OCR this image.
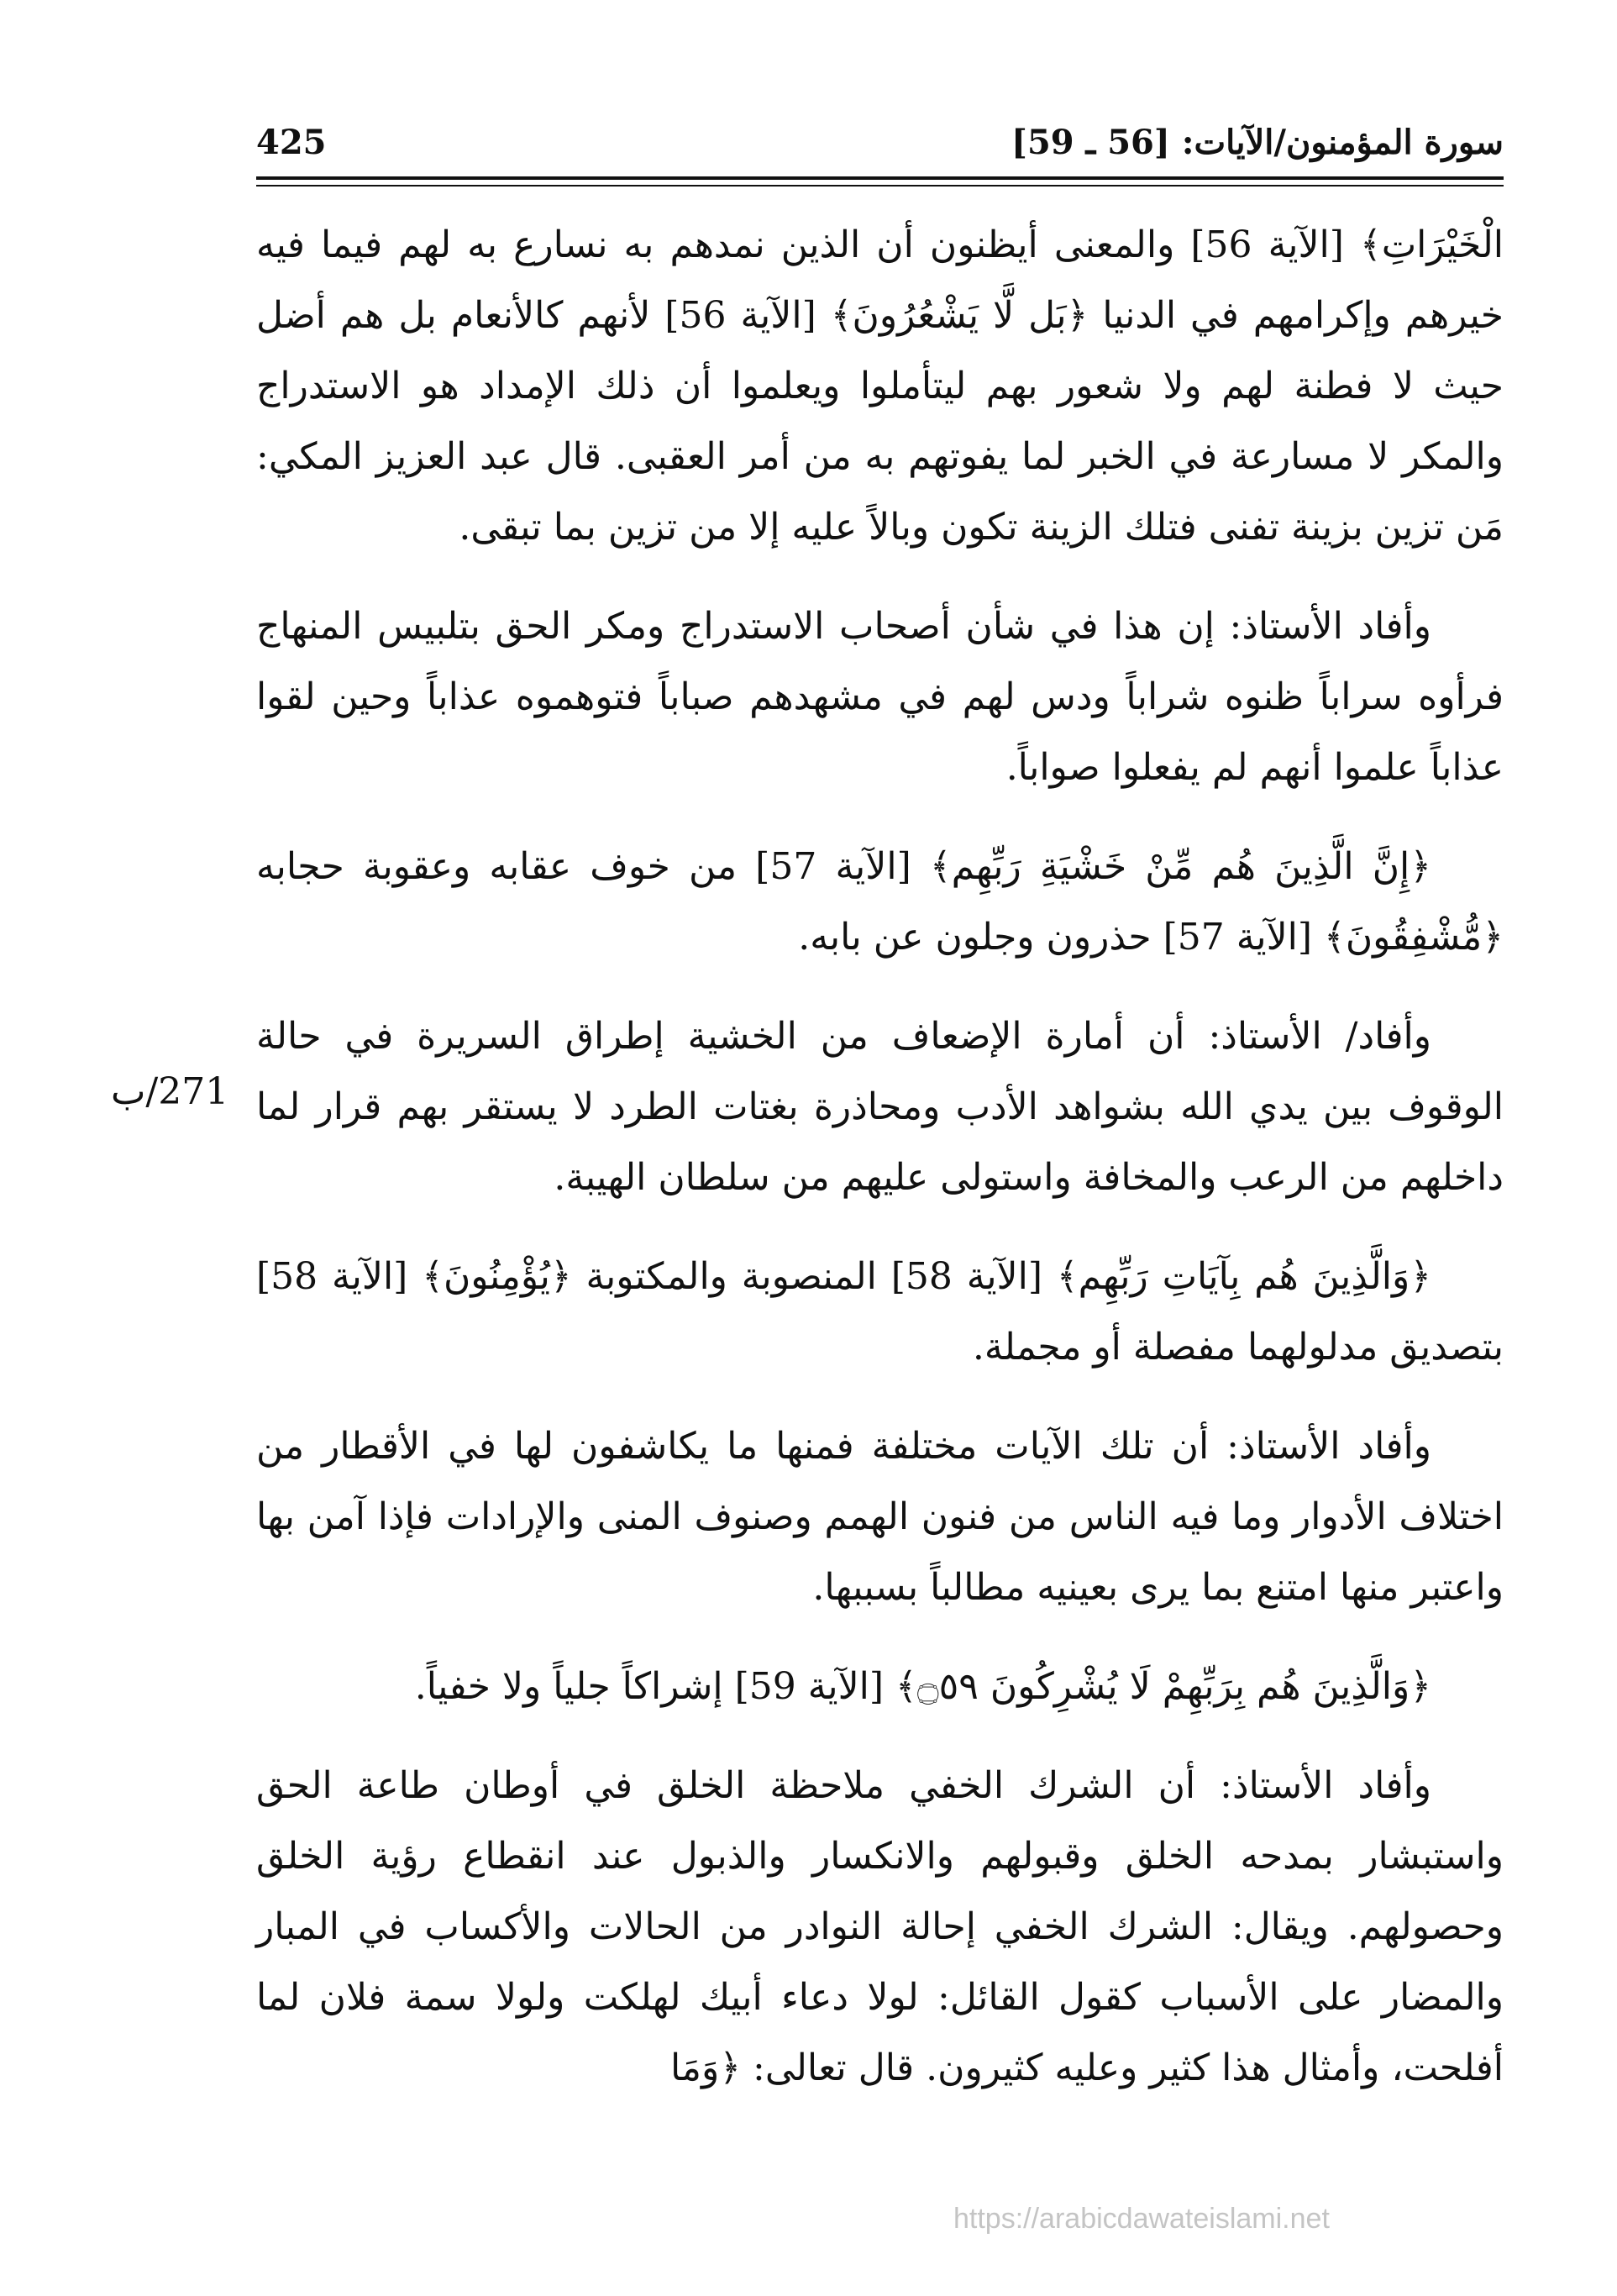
سورة المؤمنون/الآيات: [56 ـ 59]
425

الْخَيْرَاتِ﴾ [الآية 56] والمعنى أيظنون أن الذين نمدهم به نسارع به لهم فيما فيه خيرهم وإكرامهم في الدنيا ﴿بَل لَّا يَشْعُرُونَ﴾ [الآية 56] لأنهم كالأنعام بل هم أضل حيث لا فطنة لهم ولا شعور بهم ليتأملوا ويعلموا أن ذلك الإمداد هو الاستدراج والمكر لا مسارعة في الخبر لما يفوتهم به من أمر العقبى. قال عبد العزيز المكي: مَن تزين بزينة تفنى فتلك الزينة تكون وبالاً عليه إلا من تزين بما تبقى.

وأفاد الأستاذ: إن هذا في شأن أصحاب الاستدراج ومكر الحق بتلبيس المنهاج فرأوه سراباً ظنوه شراباً ودس لهم في مشهدهم صباباً فتوهموه عذاباً وحين لقوا عذاباً علموا أنهم لم يفعلوا صواباً.

﴿إِنَّ الَّذِينَ هُم مِّنْ خَشْيَةِ رَبِّهِم﴾ [الآية 57] من خوف عقابه وعقوبة حجابه ﴿مُّشْفِقُونَ﴾ [الآية 57] حذرون وجلون عن بابه.

وأفاد/ الأستاذ: أن أمارة الإضعاف من الخشية إطراق السريرة في حالة الوقوف بين يدي الله بشواهد الأدب ومحاذرة بغتات الطرد لا يستقر بهم قرار لما داخلهم من الرعب والمخافة واستولى عليهم من سلطان الهيبة.

﴿وَالَّذِينَ هُم بِآيَاتِ رَبِّهِم﴾ [الآية 58] المنصوبة والمكتوبة ﴿يُؤْمِنُونَ﴾ [الآية 58] بتصديق مدلولهما مفصلة أو مجملة.

وأفاد الأستاذ: أن تلك الآيات مختلفة فمنها ما يكاشفون لها في الأقطار من اختلاف الأدوار وما فيه الناس من فنون الهمم وصنوف المنى والإرادات فإذا آمن بها واعتبر منها امتنع بما يرى بعينيه مطالباً بسببها.

﴿وَالَّذِينَ هُم بِرَبِّهِمْ لَا يُشْرِكُونَ ۝٥٩﴾ [الآية 59] إشراكاً جلياً ولا خفياً.

وأفاد الأستاذ: أن الشرك الخفي ملاحظة الخلق في أوطان طاعة الحق واستبشار بمدحه الخلق وقبولهم والانكسار والذبول عند انقطاع رؤية الخلق وحصولهم. ويقال: الشرك الخفي إحالة النوادر من الحالات والأكساب في المبار والمضار على الأسباب كقول القائل: لولا دعاء أبيك لهلكت ولولا سمة فلان لما أفلحت، وأمثال هذا كثير وعليه كثيرون. قال تعالى: ﴿وَمَا

271/ب
https://arabicdawateislami.net
